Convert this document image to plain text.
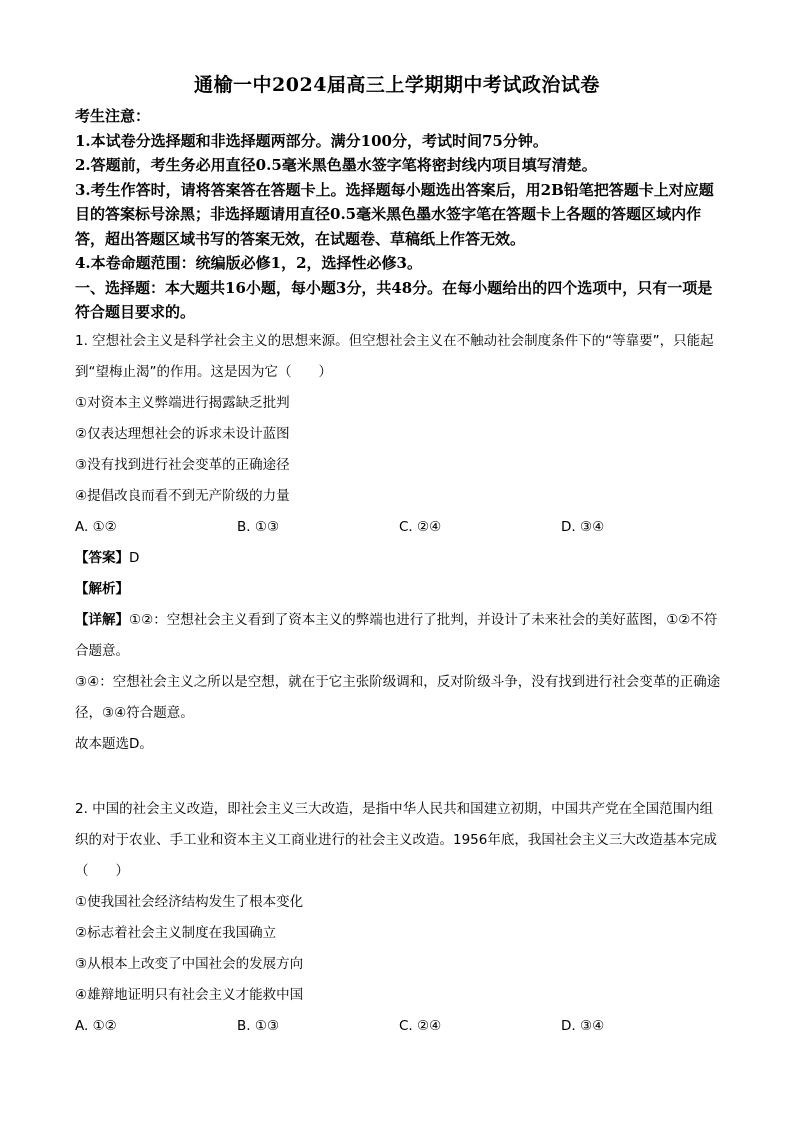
通榆一中2024届高三上学期期中考试政治试卷

考生注意：

1.本试卷分选择题和非选择题两部分。满分100分，考试时间75分钟。

2.答题前，考生务必用直径0.5毫米黑色墨水签字笔将密封线内项目填写清楚。

3.考生作答时，请将答案答在答题卡上。选择题每小题选出答案后，用2B铅笔把答题卡上对应题目的答案标号涂黑；非选择题请用直径0.5毫米黑色墨水签字笔在答题卡上各题的答题区域内作答，超出答题区域书写的答案无效，在试题卷、草稿纸上作答无效。

4.本卷命题范围：统编版必修1，2，选择性必修3。

一、选择题：本大题共16小题，每小题3分，共48分。在每小题给出的四个选项中，只有一项是符合题目要求的。

1. 空想社会主义是科学社会主义的思想来源。但空想社会主义在不触动社会制度条件下的“等靠要”，只能起到“望梅止渴”的作用。这是因为它（　　）

①对资本主义弊端进行揭露缺乏批判

②仅表达理想社会的诉求未设计蓝图

③没有找到进行社会变革的正确途径

④提倡改良而看不到无产阶级的力量

A. ①②	B. ①③	C. ②④	D. ③④

【答案】D

【解析】

【详解】①②：空想社会主义看到了资本主义的弊端也进行了批判，并设计了未来社会的美好蓝图，①②不符合题意。

③④：空想社会主义之所以是空想，就在于它主张阶级调和，反对阶级斗争，没有找到进行社会变革的正确途径，③④符合题意。

故本题选D。

2. 中国的社会主义改造，即社会主义三大改造，是指中华人民共和国建立初期，中国共产党在全国范围内组织的对于农业、手工业和资本主义工商业进行的社会主义改造。1956年底，我国社会主义三大改造基本完成（　　）

①使我国社会经济结构发生了根本变化

②标志着社会主义制度在我国确立

③从根本上改变了中国社会的发展方向

④雄辩地证明只有社会主义才能救中国

A. ①②	B. ①③	C. ②④	D. ③④
